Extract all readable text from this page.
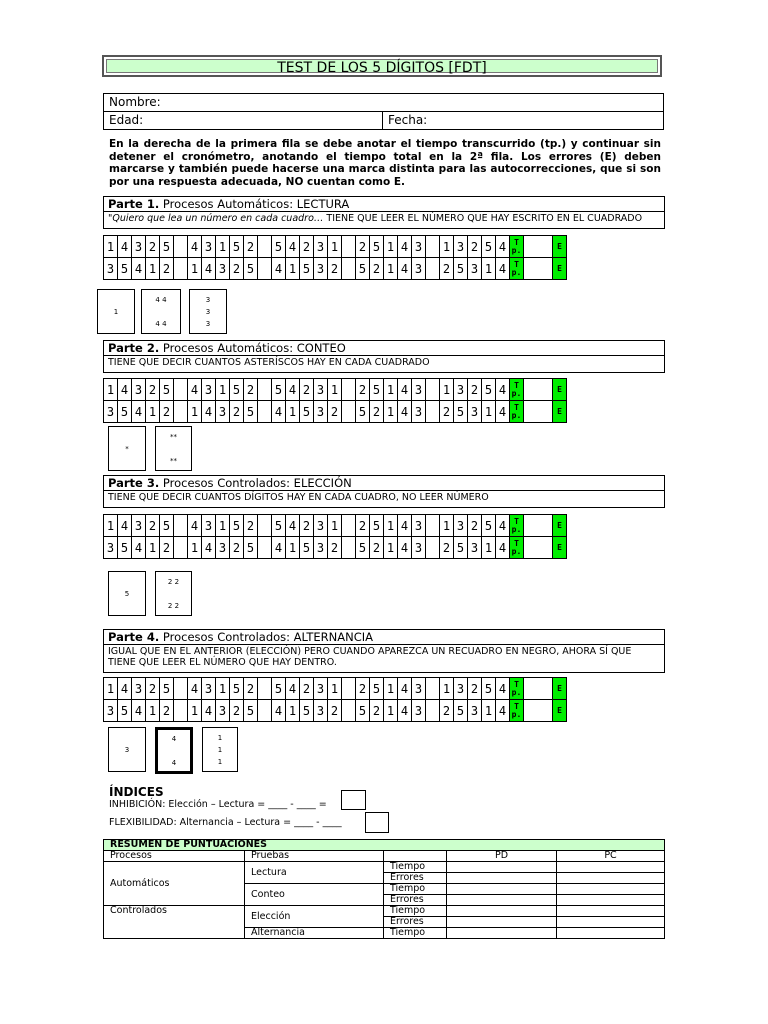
TEST DE LOS 5 DÍGITOS [FDT]
Nombre:
Edad:	Fecha:
En la derecha de la primera fila se debe anotar el tiempo transcurrido (tp.) y continuar sin detener el cronómetro, anotando el tiempo total en la 2ª fila. Los errores (E) deben marcarse y también puede hacerse una marca distinta para las autocorrecciones, que si son por una respuesta adecuada, NO cuentan como E.
Parte 1. Procesos Automáticos: LECTURA
"Quiero que lea un número en cada cuadro… TIENE QUE LEER EL NÚMERO QUE HAY ESCRITO EN EL CUADRADO
1	4	3	2	5		4	3	1	5	2		5	4	2	3	1		2	5	1	4	3		1	3	2	5	4	T p.		E
3	5	4	1	2		1	4	3	2	5		4	1	5	3	2		5	2	1	4	3		2	5	3	1	4	T p.		E
1
4 4

4 4
3
3
3
Parte 2. Procesos Automáticos: CONTEO
TIENE QUE DECIR CUANTOS ASTERÍSCOS HAY EN CADA CUADRADO
1	4	3	2	5		4	3	1	5	2		5	4	2	3	1		2	5	1	4	3		1	3	2	5	4	T p.		E
3	5	4	1	2		1	4	3	2	5		4	1	5	3	2		5	2	1	4	3		2	5	3	1	4	T p.		E
*
**

**
Parte 3. Procesos Controlados: ELECCIÓN
TIENE QUE DECIR CUANTOS DÍGITOS HAY EN CADA CUADRO, NO LEER NÚMERO
1	4	3	2	5		4	3	1	5	2		5	4	2	3	1		2	5	1	4	3		1	3	2	5	4	T p.		E
3	5	4	1	2		1	4	3	2	5		4	1	5	3	2		5	2	1	4	3		2	5	3	1	4	T p.		E
5
2 2

2 2
Parte 4. Procesos Controlados: ALTERNANCIA
IGUAL QUE EN EL ANTERIOR (ELECCIÓN) PERO CUANDO APAREZCA UN RECUADRO EN NEGRO, AHORA SÍ QUE TIENE QUE LEER EL NÚMERO QUE HAY DENTRO.
1	4	3	2	5		4	3	1	5	2		5	4	2	3	1		2	5	1	4	3		1	3	2	5	4	T p.		E
3	5	4	1	2		1	4	3	2	5		4	1	5	3	2		5	2	1	4	3		2	5	3	1	4	T p.		E
3
4

4
1
1
1
ÍNDICES
INHIBICIÓN: Elección – Lectura = ____ - ____ =
FLEXIBILIDAD: Alternancia – Lectura = ____ - ____
RESUMEN DE PUNTUACIONES				
Procesos	Pruebas		PD	PC
Automáticos	Lectura	Tiempo		
		Errores		
	Conteo	Tiempo		
		Errores		
Controlados	Elección	Tiempo		
		Errores		
	Alternancia	Tiempo		
